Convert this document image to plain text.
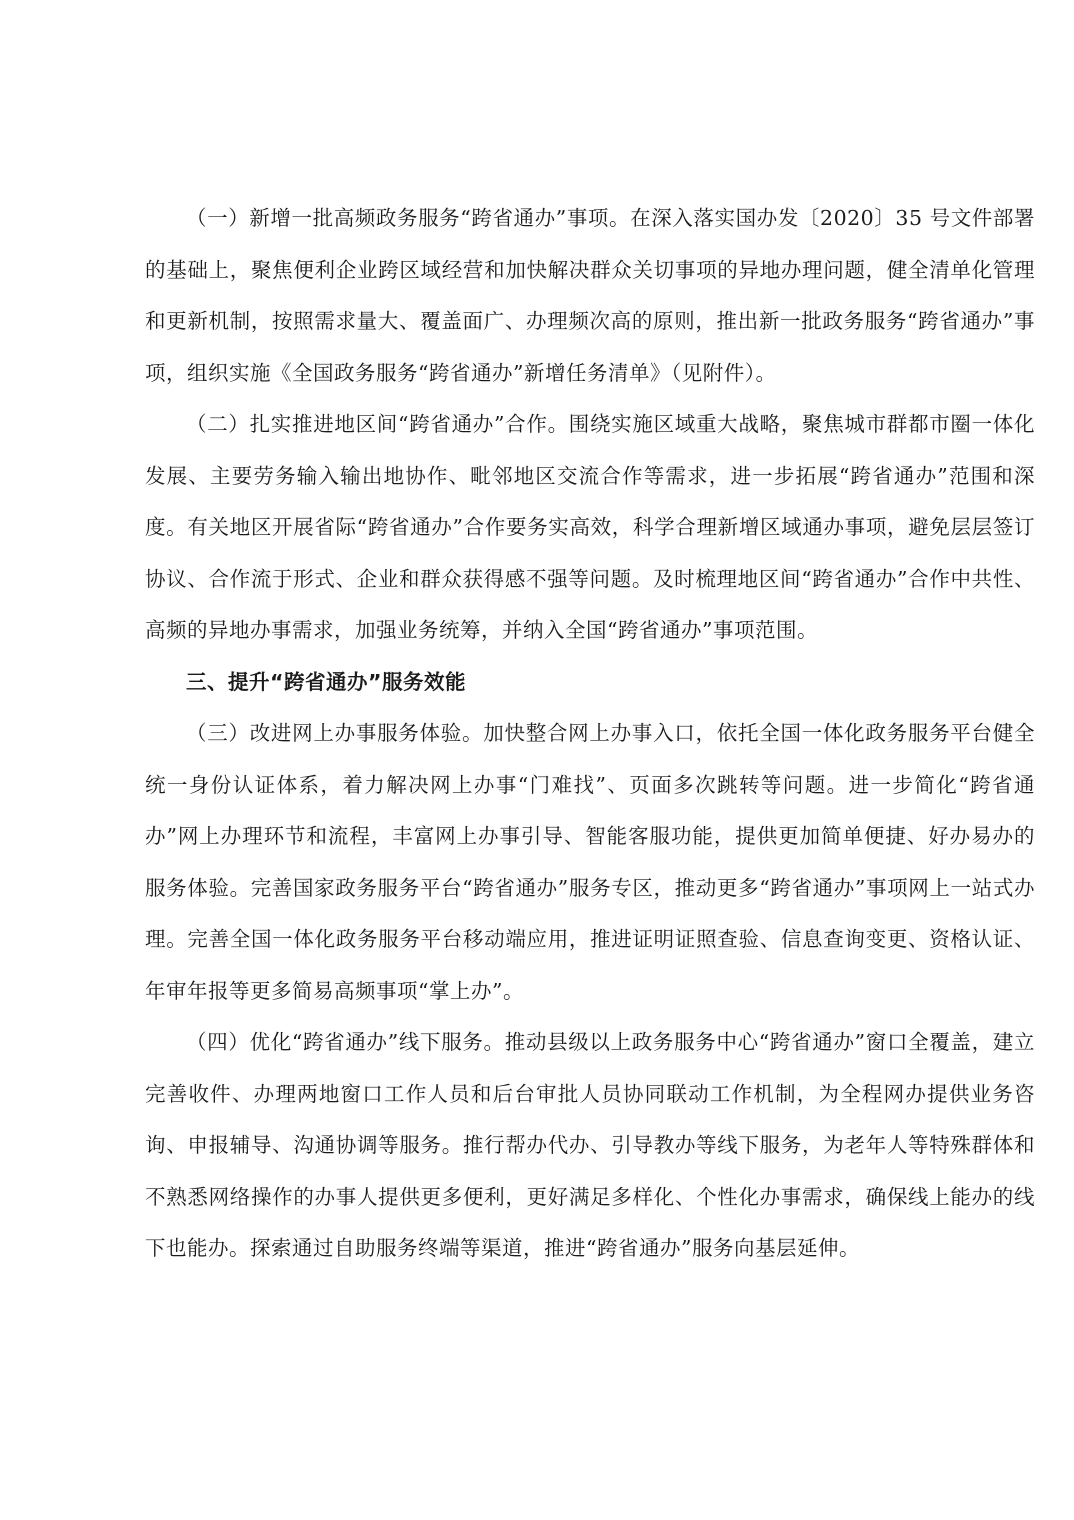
（一）新增一批高频政务服务“跨省通办”事项。在深入落实国办发〔2020〕35 号文件部署的基础上，聚焦便利企业跨区域经营和加快解决群众关切事项的异地办理问题，健全清单化管理和更新机制，按照需求量大、覆盖面广、办理频次高的原则，推出新一批政务服务“跨省通办”事项，组织实施《全国政务服务“跨省通办”新增任务清单》（见附件）。

（二）扎实推进地区间“跨省通办”合作。围绕实施区域重大战略，聚焦城市群都市圈一体化发展、主要劳务输入输出地协作、毗邻地区交流合作等需求，进一步拓展“跨省通办”范围和深度。有关地区开展省际“跨省通办”合作要务实高效，科学合理新增区域通办事项，避免层层签订协议、合作流于形式、企业和群众获得感不强等问题。及时梳理地区间“跨省通办”合作中共性、高频的异地办事需求，加强业务统筹，并纳入全国“跨省通办”事项范围。

三、提升“跨省通办”服务效能

（三）改进网上办事服务体验。加快整合网上办事入口，依托全国一体化政务服务平台健全统一身份认证体系，着力解决网上办事“门难找”、页面多次跳转等问题。进一步简化“跨省通办”网上办理环节和流程，丰富网上办事引导、智能客服功能，提供更加简单便捷、好办易办的服务体验。完善国家政务服务平台“跨省通办”服务专区，推动更多“跨省通办”事项网上一站式办理。完善全国一体化政务服务平台移动端应用，推进证明证照查验、信息查询变更、资格认证、年审年报等更多简易高频事项“掌上办”。

（四）优化“跨省通办”线下服务。推动县级以上政务服务中心“跨省通办”窗口全覆盖，建立完善收件、办理两地窗口工作人员和后台审批人员协同联动工作机制，为全程网办提供业务咨询、申报辅导、沟通协调等服务。推行帮办代办、引导教办等线下服务，为老年人等特殊群体和不熟悉网络操作的办事人提供更多便利，更好满足多样化、个性化办事需求，确保线上能办的线下也能办。探索通过自助服务终端等渠道，推进“跨省通办”服务向基层延伸。
